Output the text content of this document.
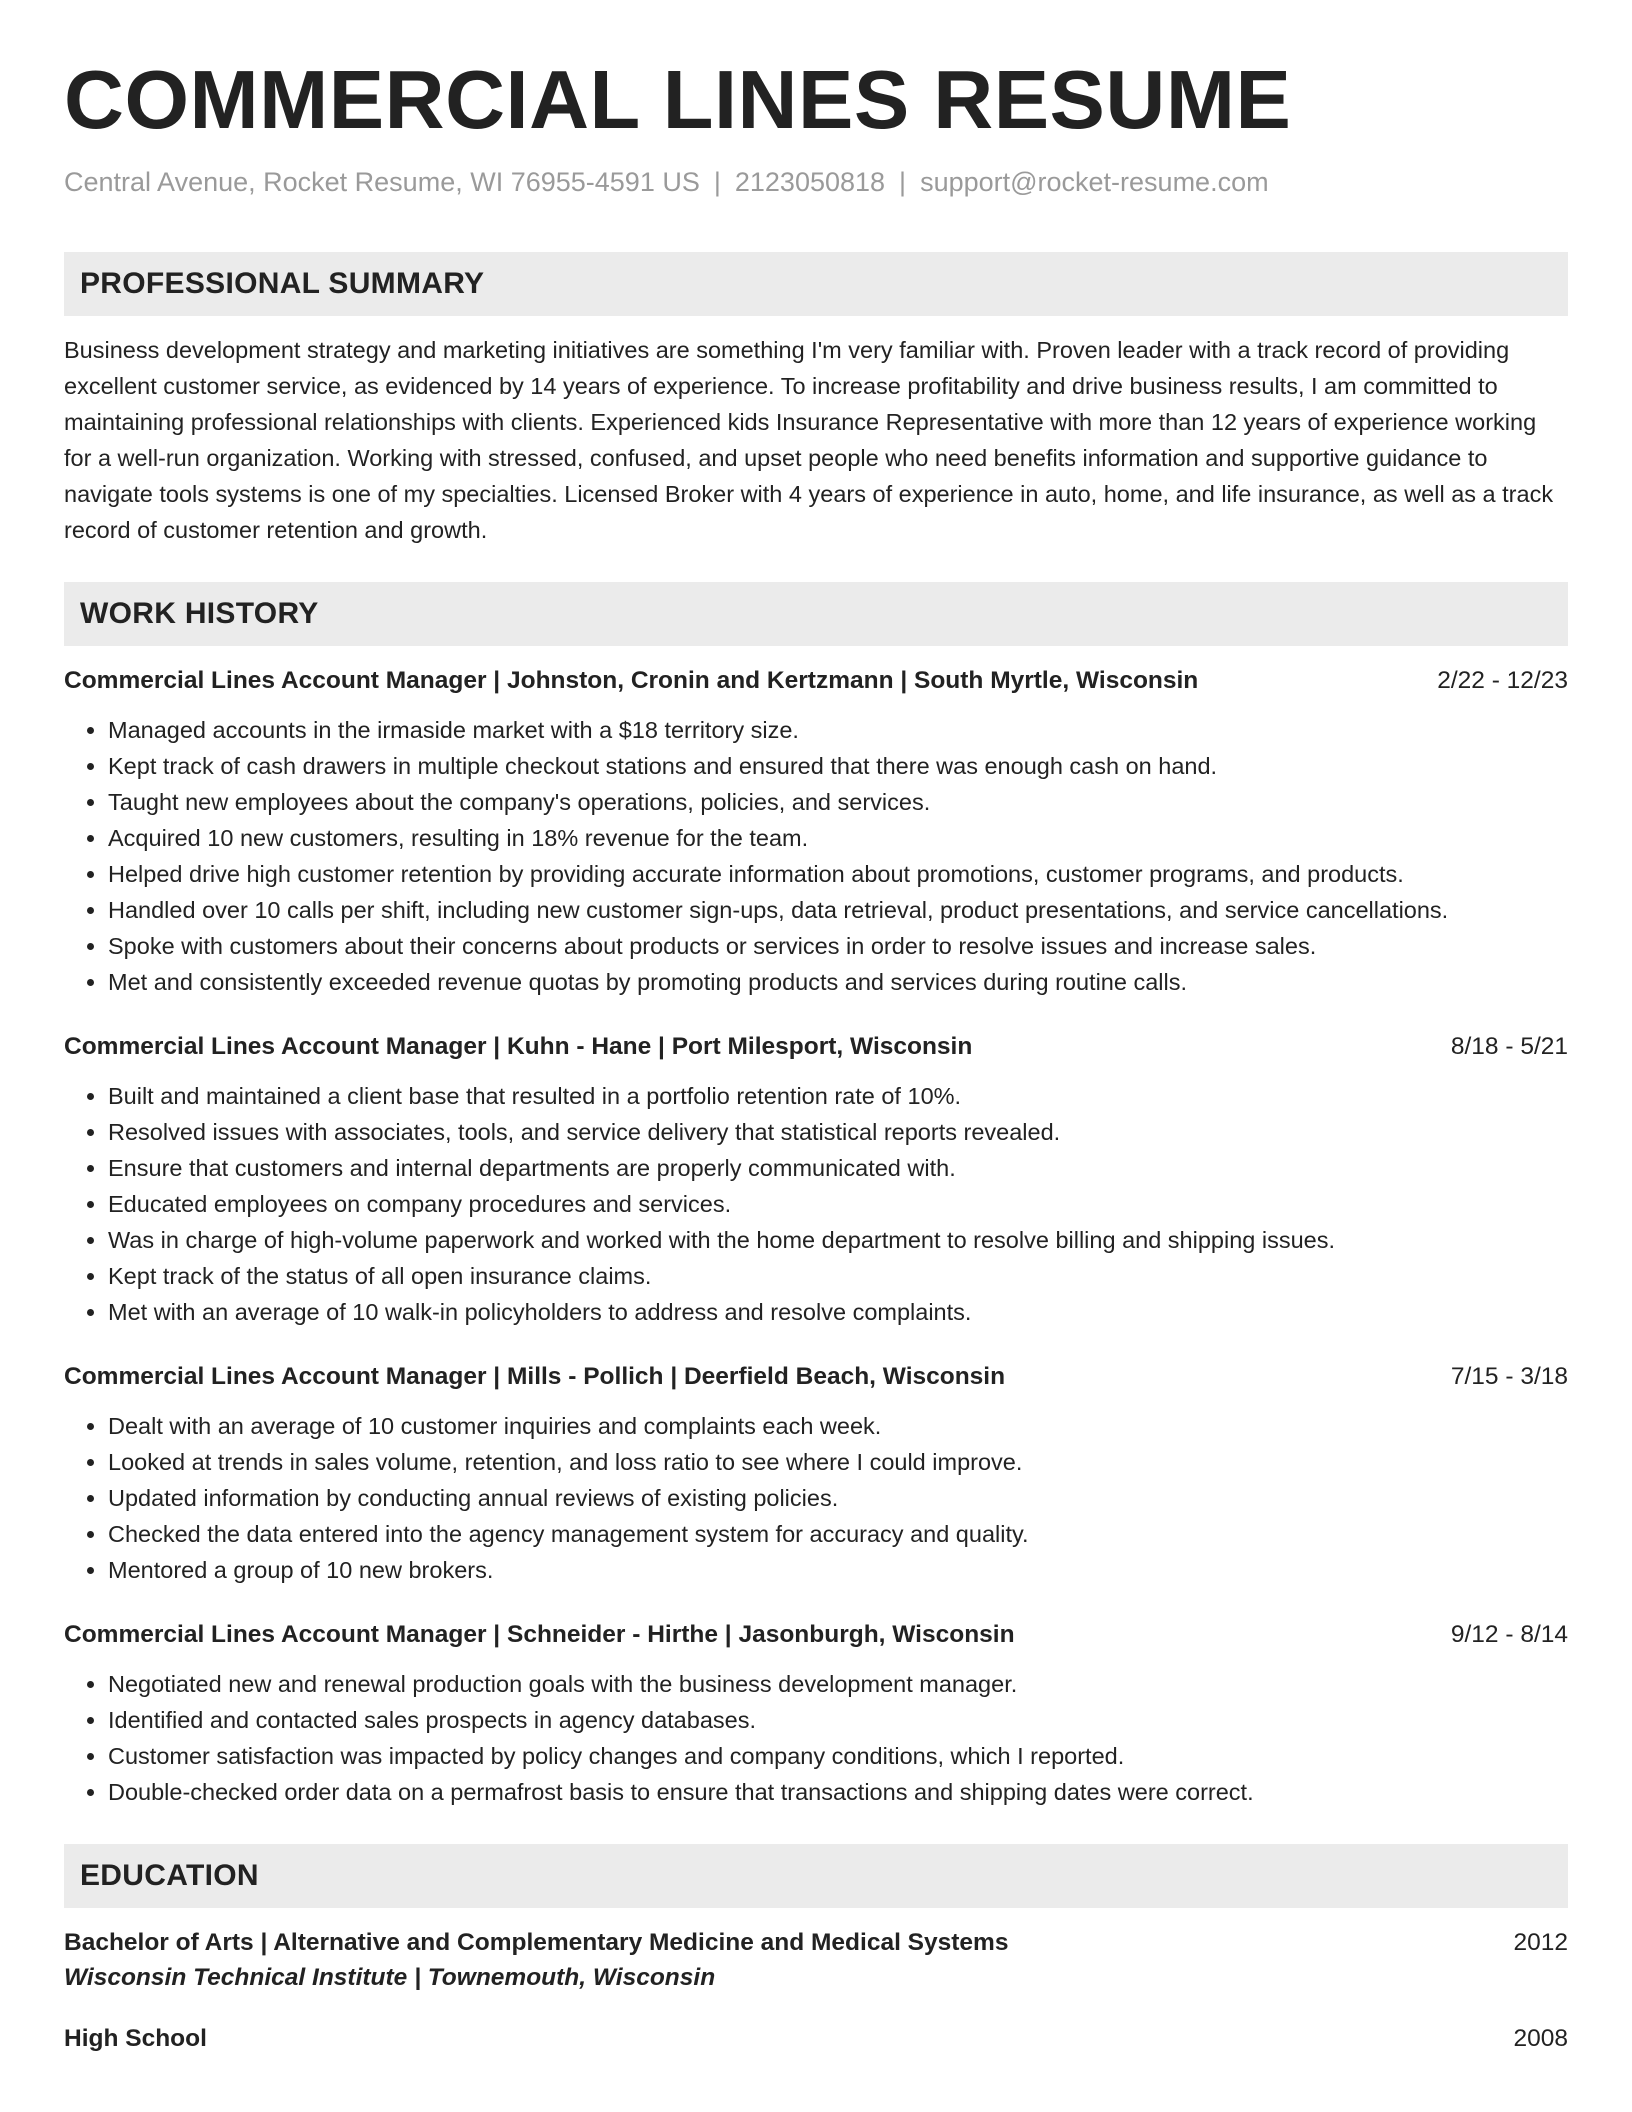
COMMERCIAL LINES RESUME
Central Avenue, Rocket Resume, WI 76955-4591 US | 2123050818 | support@rocket-resume.com
PROFESSIONAL SUMMARY

Business development strategy and marketing initiatives are something I'm very familiar with. Proven leader with a track record of providing excellent customer service, as evidenced by 14 years of experience. To increase profitability and drive business results, I am committed to maintaining professional relationships with clients. Experienced kids Insurance Representative with more than 12 years of experience working for a well-run organization. Working with stressed, confused, and upset people who need benefits information and supportive guidance to navigate tools systems is one of my specialties. Licensed Broker with 4 years of experience in auto, home, and life insurance, as well as a track record of customer retention and growth.

WORK HISTORY
Commercial Lines Account Manager | Johnston, Cronin and Kertzmann | South Myrtle, Wisconsin	2/22 - 12/23
• Managed accounts in the irmaside market with a $18 territory size.
• Kept track of cash drawers in multiple checkout stations and ensured that there was enough cash on hand.
• Taught new employees about the company's operations, policies, and services.
• Acquired 10 new customers, resulting in 18% revenue for the team.
• Helped drive high customer retention by providing accurate information about promotions, customer programs, and products.
• Handled over 10 calls per shift, including new customer sign-ups, data retrieval, product presentations, and service cancellations.
• Spoke with customers about their concerns about products or services in order to resolve issues and increase sales.
• Met and consistently exceeded revenue quotas by promoting products and services during routine calls.
Commercial Lines Account Manager | Kuhn - Hane | Port Milesport, Wisconsin	8/18 - 5/21
• Built and maintained a client base that resulted in a portfolio retention rate of 10%.
• Resolved issues with associates, tools, and service delivery that statistical reports revealed.
• Ensure that customers and internal departments are properly communicated with.
• Educated employees on company procedures and services.
• Was in charge of high-volume paperwork and worked with the home department to resolve billing and shipping issues.
• Kept track of the status of all open insurance claims.
• Met with an average of 10 walk-in policyholders to address and resolve complaints.
Commercial Lines Account Manager | Mills - Pollich | Deerfield Beach, Wisconsin	7/15 - 3/18
• Dealt with an average of 10 customer inquiries and complaints each week.
• Looked at trends in sales volume, retention, and loss ratio to see where I could improve.
• Updated information by conducting annual reviews of existing policies.
• Checked the data entered into the agency management system for accuracy and quality.
• Mentored a group of 10 new brokers.
Commercial Lines Account Manager | Schneider - Hirthe | Jasonburgh, Wisconsin	9/12 - 8/14
• Negotiated new and renewal production goals with the business development manager.
• Identified and contacted sales prospects in agency databases.
• Customer satisfaction was impacted by policy changes and company conditions, which I reported.
• Double-checked order data on a permafrost basis to ensure that transactions and shipping dates were correct.
EDUCATION
Bachelor of Arts | Alternative and Complementary Medicine and Medical Systems	2012
Wisconsin Technical Institute | Townemouth, Wisconsin
High School	2008
